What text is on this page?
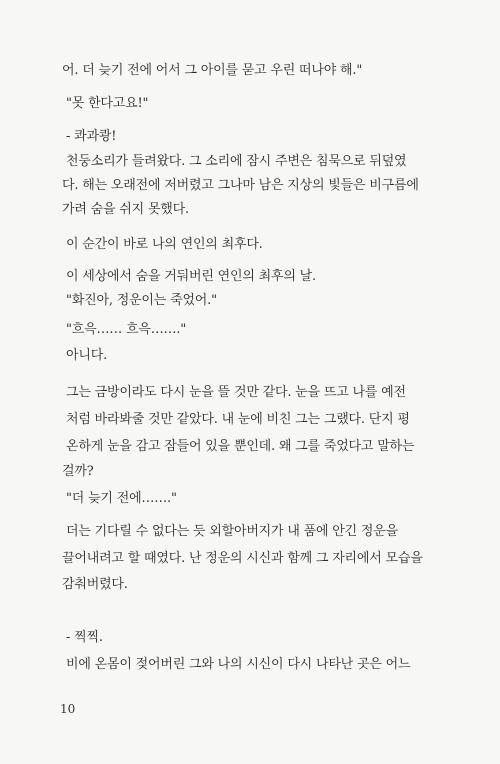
어. 더 늦기 전에 어서 그 아이를 묻고 우린 떠나야 해."
"못 한다고요!"
- 콰과쾅!
천둥소리가 들려왔다. 그 소리에 잠시 주변은 침묵으로 뒤덮였
다. 해는 오래전에 저버렸고 그나마 남은 지상의 빛들은 비구름에
가려 숨을 쉬지 못했다.
이 순간이 바로 나의 연인의 최후다.
이 세상에서 숨을 거둬버린 연인의 최후의 날.
"화진아, 정운이는 죽었어."
"흐윽…… 흐윽……."
아니다.
그는 금방이라도 다시 눈을 뜰 것만 같다. 눈을 뜨고 나를 예전
처럼 바라봐줄 것만 같았다. 내 눈에 비친 그는 그랬다. 단지 평
온하게 눈을 감고 잠들어 있을 뿐인데. 왜 그를 죽었다고 말하는
걸까?
"더 늦기 전에……."
더는 기다릴 수 없다는 듯 외할아버지가 내 품에 안긴 정운을
끌어내려고 할 때였다. 난 정운의 시신과 함께 그 자리에서 모습을
감춰버렸다.
- 찍찍.
비에 온몸이 젖어버린 그와 나의 시신이 다시 나타난 곳은 어느
10
